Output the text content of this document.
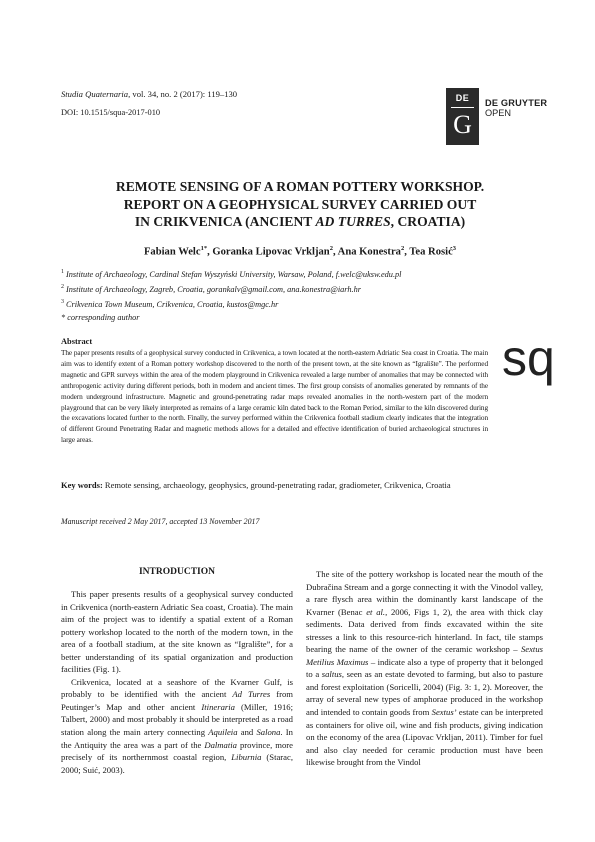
Studia Quaternaria, vol. 34, no. 2 (2017): 119–130
DOI: 10.1515/squa-2017-010
DE
G
DE GRUYTER
OPEN
REMOTE SENSING OF A ROMAN POTTERY WORKSHOP.
REPORT ON A GEOPHYSICAL SURVEY CARRIED OUT
IN CRIKVENICA (ANCIENT AD TURRES, CROATIA)
Fabian Welc$^{1*}$, Goranka Lipovac Vrkljan$^2$, Ana Konestra$^2$, Tea Rosić$^3$
$^1$ Institute of Archaeology, Cardinal Stefan Wyszyński University, Warsaw, Poland, f.welc@uksw.edu.pl
$^2$ Institute of Archaeology, Zagreb, Croatia, gorankalv@gmail.com, ana.konestra@iarh.hr
$^3$ Crikvenica Town Museum, Crikvenica, Croatia, kustos@mgc.hr
* corresponding author
sq
Abstract
The paper presents results of a geophysical survey conducted in Crikvenica, a town located at the north-eastern Adriatic Sea coast in Croatia. The main aim was to identify extent of a Roman pottery workshop discovered to the north of the present town, at the site known as “Igralište”. The performed magnetic and GPR surveys within the area of the modern playground in Crikvenica revealed a large number of anomalies that may be connected with anthropogenic activity during different periods, both in modern and ancient times. The first group consists of anomalies generated by remnants of the modern underground infrastructure. Magnetic and ground-penetrating radar maps revealed anomalies in the north-western part of the modern playground that can be very likely interpreted as remains of a large ceramic kiln dated back to the Roman Period, similar to the kiln discovered during the excavations located further to the north. Finally, the survey performed within the Crikvenica football stadium clearly indicates that the integration of different Ground Penetrating Radar and magnetic methods allows for a detailed and effective identification of buried archaeological structures in large areas.
Key words: Remote sensing, archaeology, geophysics, ground-penetrating radar, gradiometer, Crikvenica, Croatia
Manuscript received 2 May 2017, accepted 13 November 2017
INTRODUCTION

This paper presents results of a geophysical survey conducted in Crikvenica (north-eastern Adriatic Sea coast, Croatia). The main aim of the project was to identify a spatial extent of a Roman pottery workshop located to the north of the modern town, in the area of a football stadium, at the site known as “Igralište”, for a better understanding of its spatial organization and production facilities (Fig. 1).

Crikvenica, located at a seashore of the Kvarner Gulf, is probably to be identified with the ancient Ad Turres from Peutinger’s Map and other ancient Itineraria (Miller, 1916; Talbert, 2000) and most probably it should be interpreted as a road station along the main artery connecting Aquileia and Salona. In the Antiquity the area was a part of the Dalmatia province, more precisely of its northernmost coastal region, Liburnia (Starac, 2000; Suić, 2003).

The site of the pottery workshop is located near the mouth of the Dubračina Stream and a gorge connecting it with the Vinodol valley, a rare flysch area within the dominantly karst landscape of the Kvarner (Benac et al., 2006, Figs 1, 2), the area with thick clay sediments. Data derived from finds excavated within the site stresses a link to this resource-rich hinterland. In fact, tile stamps bearing the name of the owner of the ceramic workshop – Sextus Metilius Maximus – indicate also a type of property that it belonged to a saltus, seen as an estate devoted to farming, but also to pasture and forest exploitation (Soricelli, 2004) (Fig. 3: 1, 2). Moreover, the array of several new types of amphorae produced in the workshop and intended to contain goods from Sextus’ estate can be interpreted as containers for olive oil, wine and fish products, giving indication on the economy of the area (Lipovac Vrkljan, 2011). Timber for fuel and also clay needed for ceramic production must have been likewise brought from the Vindol
